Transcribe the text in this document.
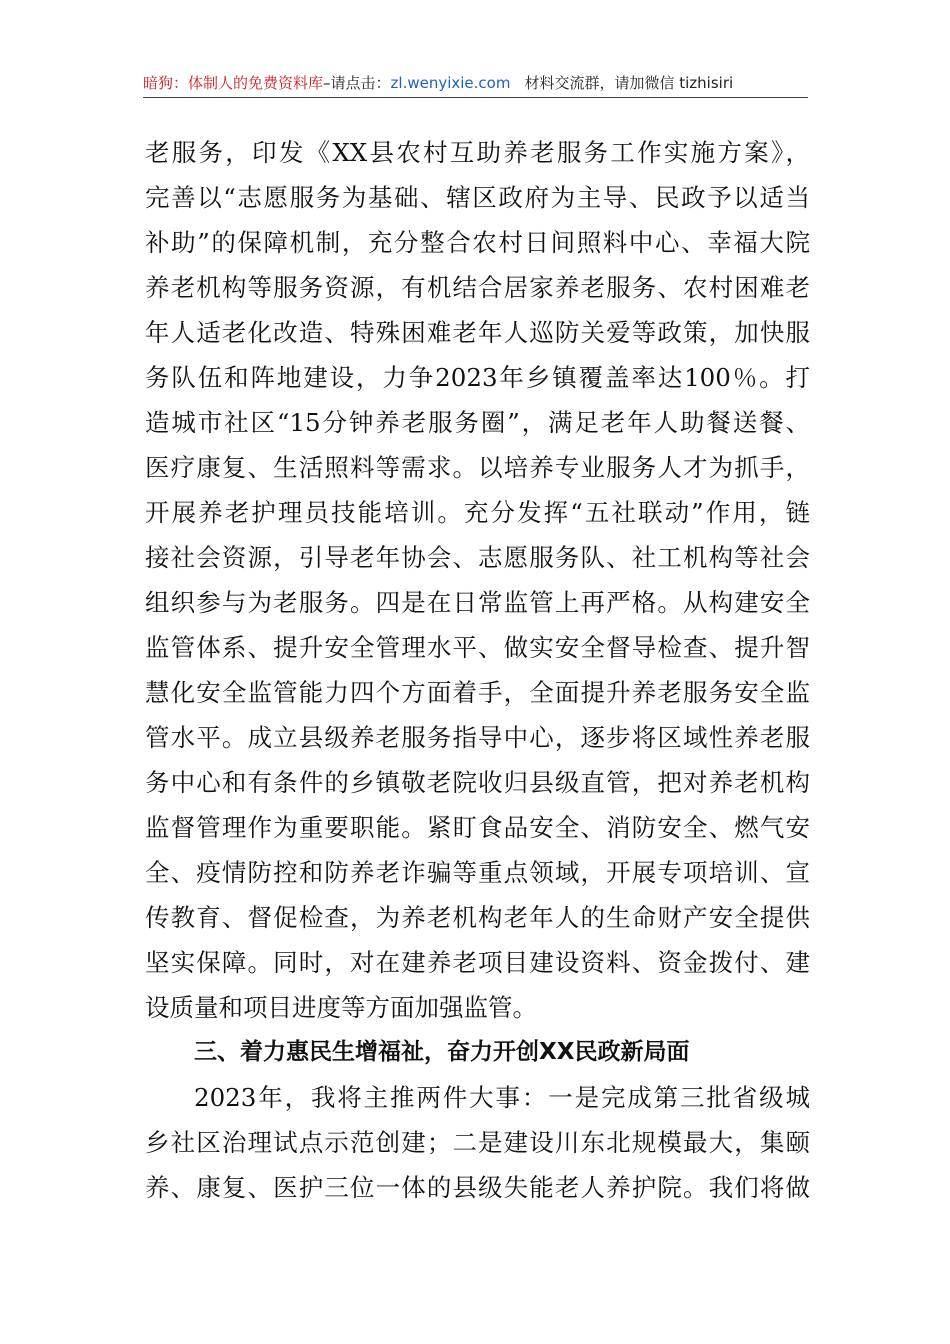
暗狗：体制人的免费资料库–请点击：zl.wenyixie.com 材料交流群，请加微信 tizhisiri
老服务，印发《XX县农村互助养老服务工作实施方案》，
完善以“志愿服务为基础、辖区政府为主导、民政予以适当
补助”的保障机制，充分整合农村日间照料中心、幸福大院
养老机构等服务资源，有机结合居家养老服务、农村困难老
年人适老化改造、特殊困难老年人巡防关爱等政策，加快服
务队伍和阵地建设，力争2023年乡镇覆盖率达100％。打
造城市社区“15分钟养老服务圈”，满足老年人助餐送餐、
医疗康复、生活照料等需求。以培养专业服务人才为抓手，
开展养老护理员技能培训。充分发挥“五社联动”作用，链
接社会资源，引导老年协会、志愿服务队、社工机构等社会
组织参与为老服务。四是在日常监管上再严格。从构建安全
监管体系、提升安全管理水平、做实安全督导检查、提升智
慧化安全监管能力四个方面着手，全面提升养老服务安全监
管水平。成立县级养老服务指导中心，逐步将区域性养老服
务中心和有条件的乡镇敬老院收归县级直管，把对养老机构
监督管理作为重要职能。紧盯食品安全、消防安全、燃气安
全、疫情防控和防养老诈骗等重点领域，开展专项培训、宣
传教育、督促检查，为养老机构老年人的生命财产安全提供
坚实保障。同时，对在建养老项目建设资料、资金拨付、建
设质量和项目进度等方面加强监管。
三、着力惠民生增福祉，奋力开创XX民政新局面
2023年，我将主推两件大事：一是完成第三批省级城
乡社区治理试点示范创建；二是建设川东北规模最大，集颐
养、康复、医护三位一体的县级失能老人养护院。我们将做
